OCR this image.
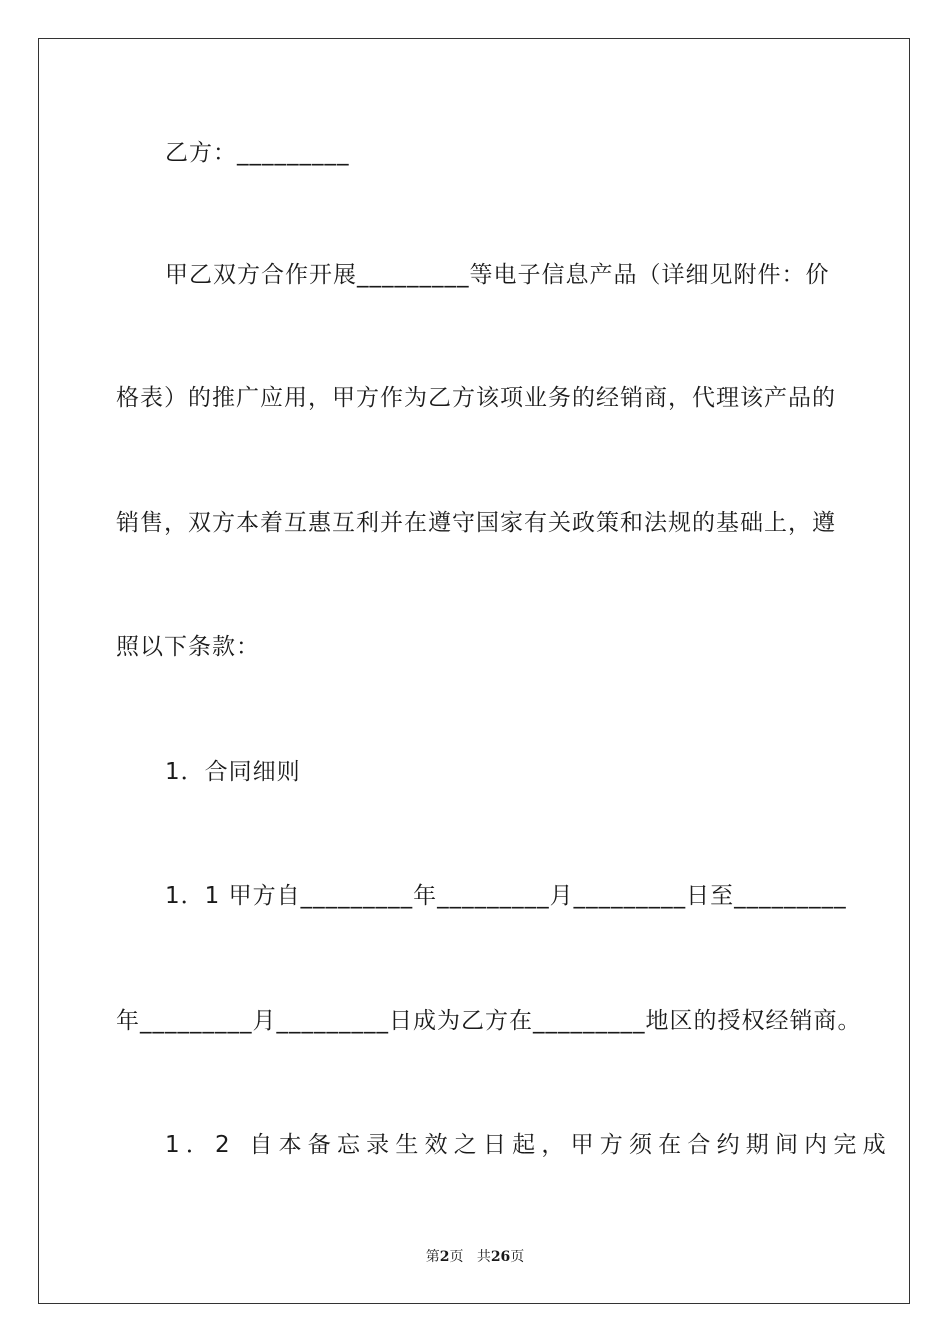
乙方：_________
甲乙双方合作开展_________等电子信息产品（详细见附件：价
格表）的推广应用，甲方作为乙方该项业务的经销商，代理该产品的
销售，双方本着互惠互利并在遵守国家有关政策和法规的基础上，遵
照以下条款：
1．合同细则
1．1 甲方自_________年_________月_________日至_________
年_________月_________日成为乙方在_________地区的授权经销商。
1．2 自本备忘录生效之日起，甲方须在合约期间内完成
第2页 共26页
